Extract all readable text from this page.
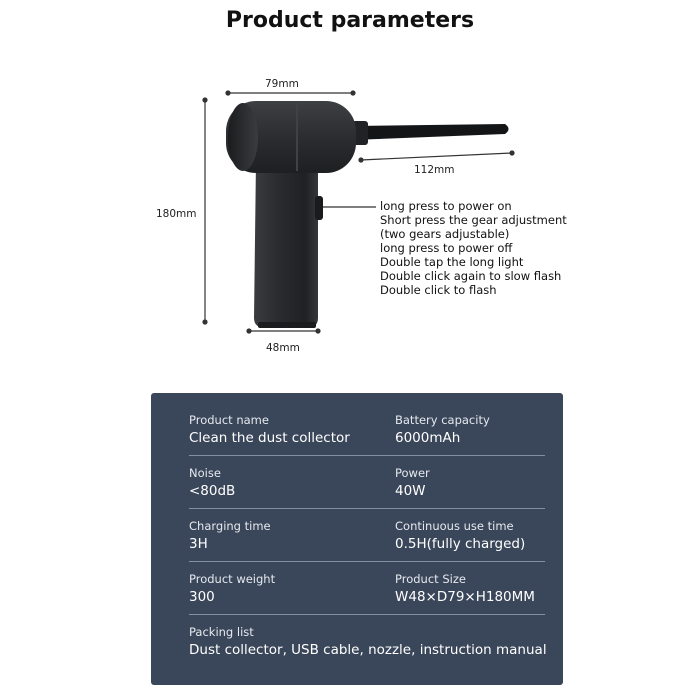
Product parameters
79mm
112mm
180mm
48mm
long press to power on
Short press the gear adjustment
(two gears adjustable)
long press to power off
Double tap the long light
Double click again to slow flash
Double click to flash
Product name
Clean the dust collector
Battery capacity
6000mAh
Noise
<80dB
Power
40W
Charging time
3H
Continuous use time
0.5H(fully charged)
Product weight
300
Product Size
W48×D79×H180MM
Packing list
Dust collector, USB cable, nozzle, instruction manual
